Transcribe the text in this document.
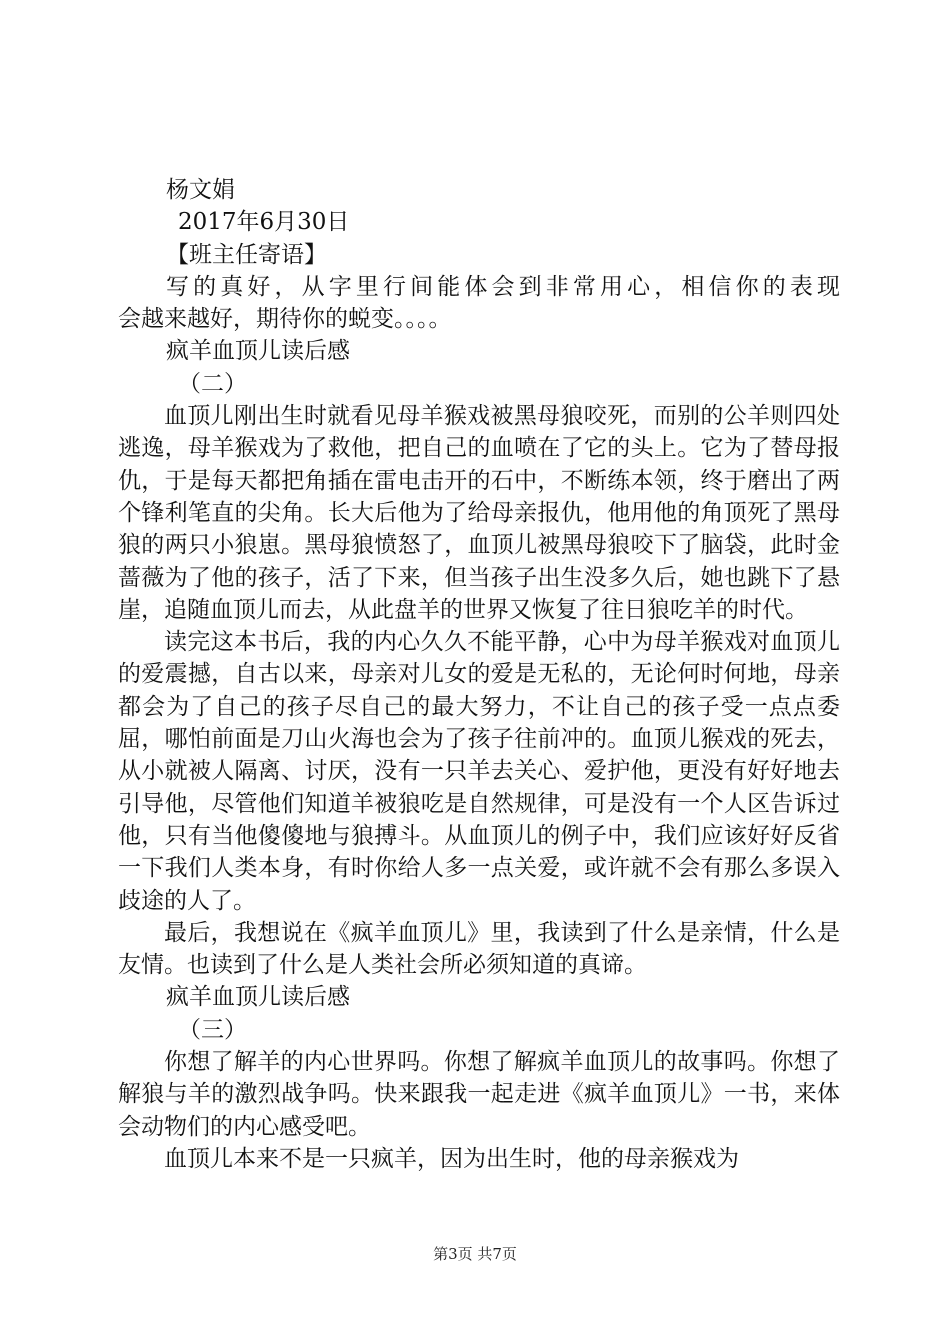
杨文娟
2017年6月30日
【班主任寄语】
写的真好，从字里行间能体会到非常用心，相信你的表现
会越来越好，期待你的蜕变。。。。
疯羊血顶儿读后感
（二）
血顶儿刚出生时就看见母羊猴戏被黑母狼咬死，而别的公羊则四处逃逸，母羊猴戏为了救他，把自己的血喷在了它的头上。它为了替母报仇，于是每天都把角插在雷电击开的石中，不断练本领，终于磨出了两个锋利笔直的尖角。长大后他为了给母亲报仇，他用他的角顶死了黑母狼的两只小狼崽。黑母狼愤怒了，血顶儿被黑母狼咬下了脑袋，此时金蔷薇为了他的孩子，活了下来，但当孩子出生没多久后，她也跳下了悬崖，追随血顶儿而去，从此盘羊的世界又恢复了往日狼吃羊的时代。
读完这本书后，我的内心久久不能平静，心中为母羊猴戏对血顶儿的爱震撼，自古以来，母亲对儿女的爱是无私的，无论何时何地，母亲都会为了自己的孩子尽自己的最大努力，不让自己的孩子受一点点委屈，哪怕前面是刀山火海也会为了孩子往前冲的。血顶儿猴戏的死去，从小就被人隔离、讨厌，没有一只羊去关心、爱护他，更没有好好地去引导他，尽管他们知道羊被狼吃是自然规律，可是没有一个人区告诉过他，只有当他傻傻地与狼搏斗。从血顶儿的例子中，我们应该好好反省一下我们人类本身，有时你给人多一点关爱，或许就不会有那么多误入歧途的人了。
最后，我想说在《疯羊血顶儿》里，我读到了什么是亲情，什么是友情。也读到了什么是人类社会所必须知道的真谛。
疯羊血顶儿读后感
（三）
你想了解羊的内心世界吗。你想了解疯羊血顶儿的故事吗。你想了解狼与羊的激烈战争吗。快来跟我一起走进《疯羊血顶儿》一书，来体会动物们的内心感受吧。
血顶儿本来不是一只疯羊，因为出生时，他的母亲猴戏为
第3页 共7页
